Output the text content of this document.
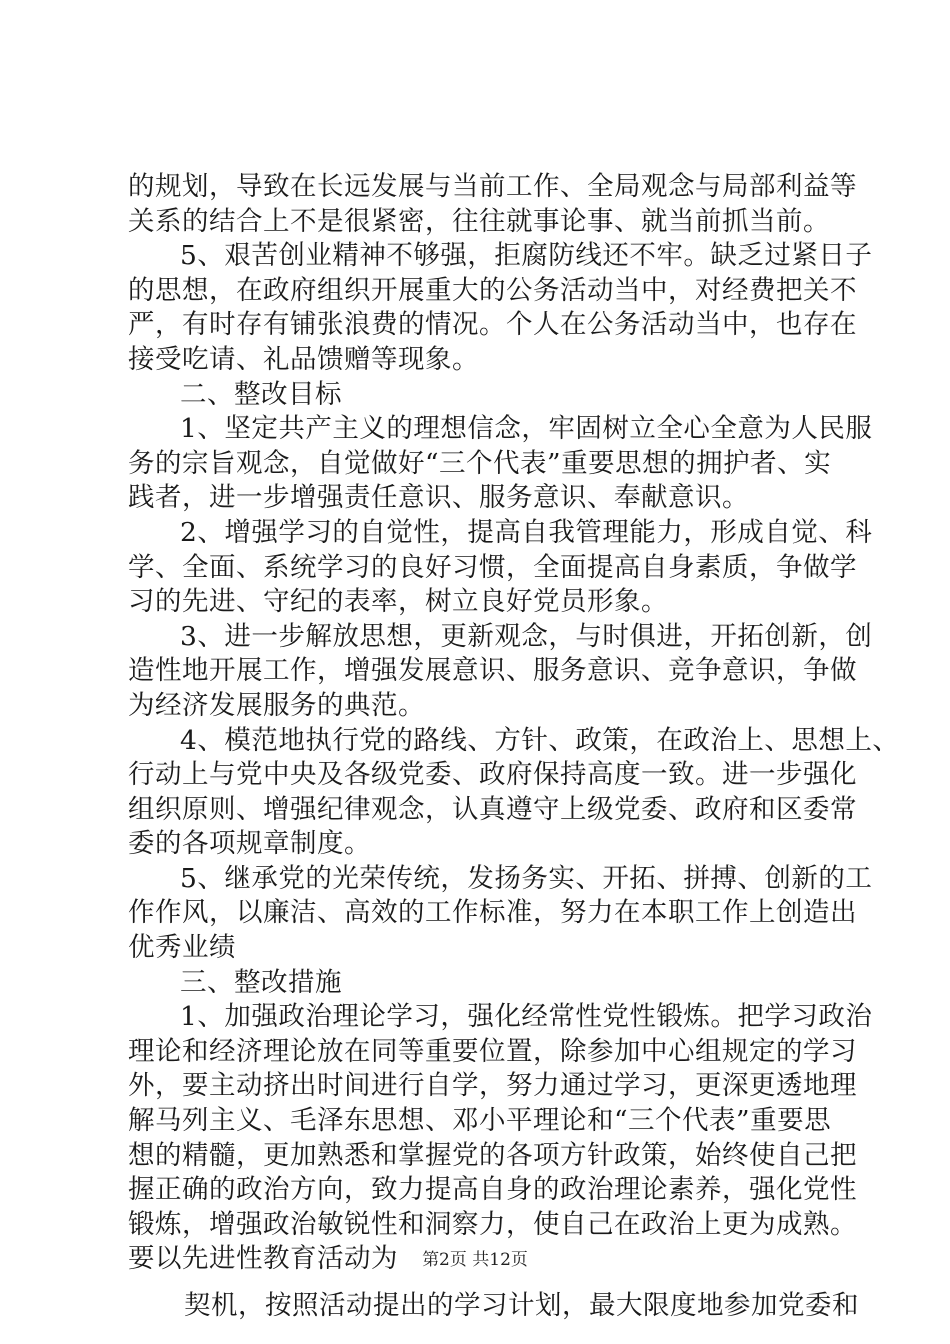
的规划，导致在长远发展与当前工作、全局观念与局部利益等
关系的结合上不是很紧密，往往就事论事、就当前抓当前。
5、艰苦创业精神不够强，拒腐防线还不牢。缺乏过紧日子
的思想，在政府组织开展重大的公务活动当中，对经费把关不
严，有时存有铺张浪费的情况。个人在公务活动当中，也存在
接受吃请、礼品馈赠等现象。
二、整改目标
1、坚定共产主义的理想信念，牢固树立全心全意为人民服
务的宗旨观念，自觉做好“三个代表”重要思想的拥护者、实
践者，进一步增强责任意识、服务意识、奉献意识。
2、增强学习的自觉性，提高自我管理能力，形成自觉、科
学、全面、系统学习的良好习惯，全面提高自身素质，争做学
习的先进、守纪的表率，树立良好党员形象。
3、进一步解放思想，更新观念，与时俱进，开拓创新，创
造性地开展工作，增强发展意识、服务意识、竞争意识，争做
为经济发展服务的典范。
4、模范地执行党的路线、方针、政策，在政治上、思想上、
行动上与党中央及各级党委、政府保持高度一致。进一步强化
组织原则、增强纪律观念，认真遵守上级党委、政府和区委常
委的各项规章制度。
5、继承党的光荣传统，发扬务实、开拓、拼搏、创新的工
作作风，以廉洁、高效的工作标准，努力在本职工作上创造出
优秀业绩
三、整改措施
1、加强政治理论学习，强化经常性党性锻炼。把学习政治
理论和经济理论放在同等重要位置，除参加中心组规定的学习
外，要主动挤出时间进行自学，努力通过学习，更深更透地理
解马列主义、毛泽东思想、邓小平理论和“三个代表”重要思
想的精髓，更加熟悉和掌握党的各项方针政策，始终使自己把
握正确的政治方向，致力提高自身的政治理论素养，强化党性
锻炼，增强政治敏锐性和洞察力，使自己在政治上更为成熟。
要以先进性教育活动为
契机，按照活动提出的学习计划，最大限度地参加党委和
第2页 共12页
